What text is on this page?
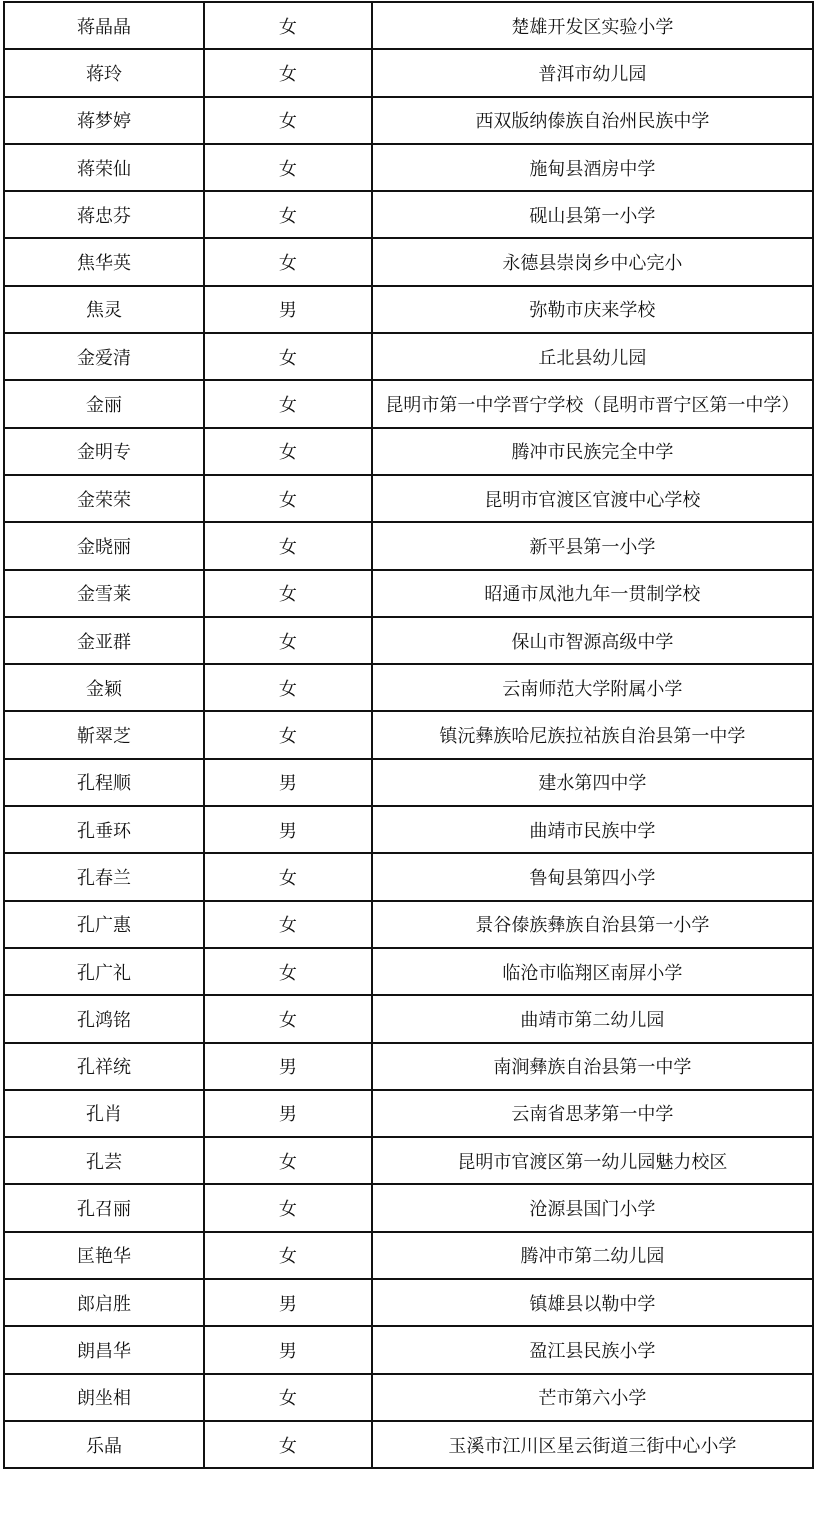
蒋晶晶	女	楚雄开发区实验小学
蒋玲	女	普洱市幼儿园
蒋梦婷	女	西双版纳傣族自治州民族中学
蒋荣仙	女	施甸县酒房中学
蒋忠芬	女	砚山县第一小学
焦华英	女	永德县崇岗乡中心完小
焦灵	男	弥勒市庆来学校
金爱清	女	丘北县幼儿园
金丽	女	昆明市第一中学晋宁学校（昆明市晋宁区第一中学）
金明专	女	腾冲市民族完全中学
金荣荣	女	昆明市官渡区官渡中心学校
金晓丽	女	新平县第一小学
金雪莱	女	昭通市凤池九年一贯制学校
金亚群	女	保山市智源高级中学
金颖	女	云南师范大学附属小学
靳翠芝	女	镇沅彝族哈尼族拉祜族自治县第一中学
孔程顺	男	建水第四中学
孔垂环	男	曲靖市民族中学
孔春兰	女	鲁甸县第四小学
孔广惠	女	景谷傣族彝族自治县第一小学
孔广礼	女	临沧市临翔区南屏小学
孔鸿铭	女	曲靖市第二幼儿园
孔祥统	男	南涧彝族自治县第一中学
孔肖	男	云南省思茅第一中学
孔芸	女	昆明市官渡区第一幼儿园魅力校区
孔召丽	女	沧源县国门小学
匡艳华	女	腾冲市第二幼儿园
郎启胜	男	镇雄县以勒中学
朗昌华	男	盈江县民族小学
朗坐相	女	芒市第六小学
乐晶	女	玉溪市江川区星云街道三街中心小学
